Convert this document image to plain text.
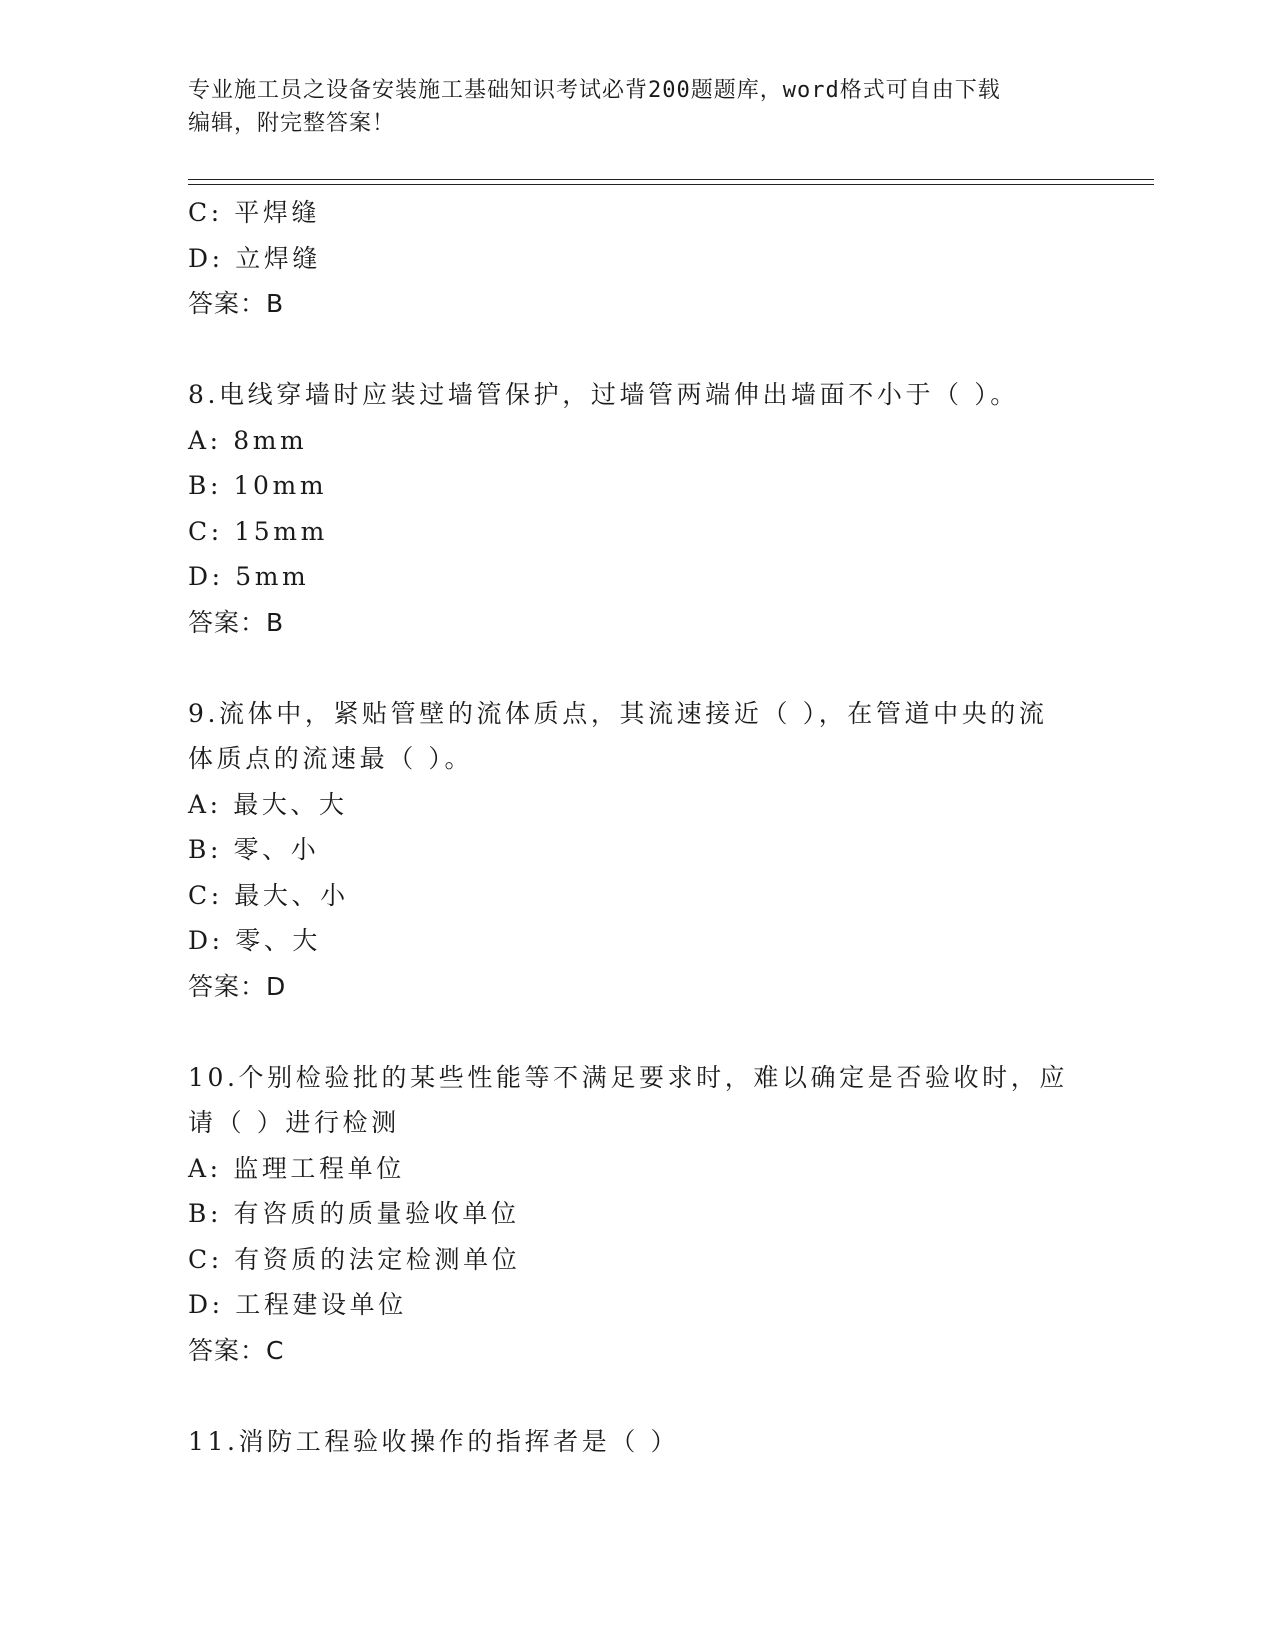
专业施工员之设备安装施工基础知识考试必背200题题库，word格式可自由下载
编辑，附完整答案！
C: 平焊缝
D: 立焊缝
答案：B
8.电线穿墙时应装过墙管保护，过墙管两端伸出墙面不小于（ ）。
A: 8mm
B: 10mm
C: 15mm
D: 5mm
答案：B
9.流体中，紧贴管壁的流体质点，其流速接近（ ），在管道中央的流
体质点的流速最（ ）。
A: 最大、大
B: 零、小
C: 最大、小
D: 零、大
答案：D
10.个别检验批的某些性能等不满足要求时，难以确定是否验收时，应
请（ ）进行检测
A: 监理工程单位
B: 有咨质的质量验收单位
C: 有资质的法定检测单位
D: 工程建设单位
答案：C
11.消防工程验收操作的指挥者是（ ）
